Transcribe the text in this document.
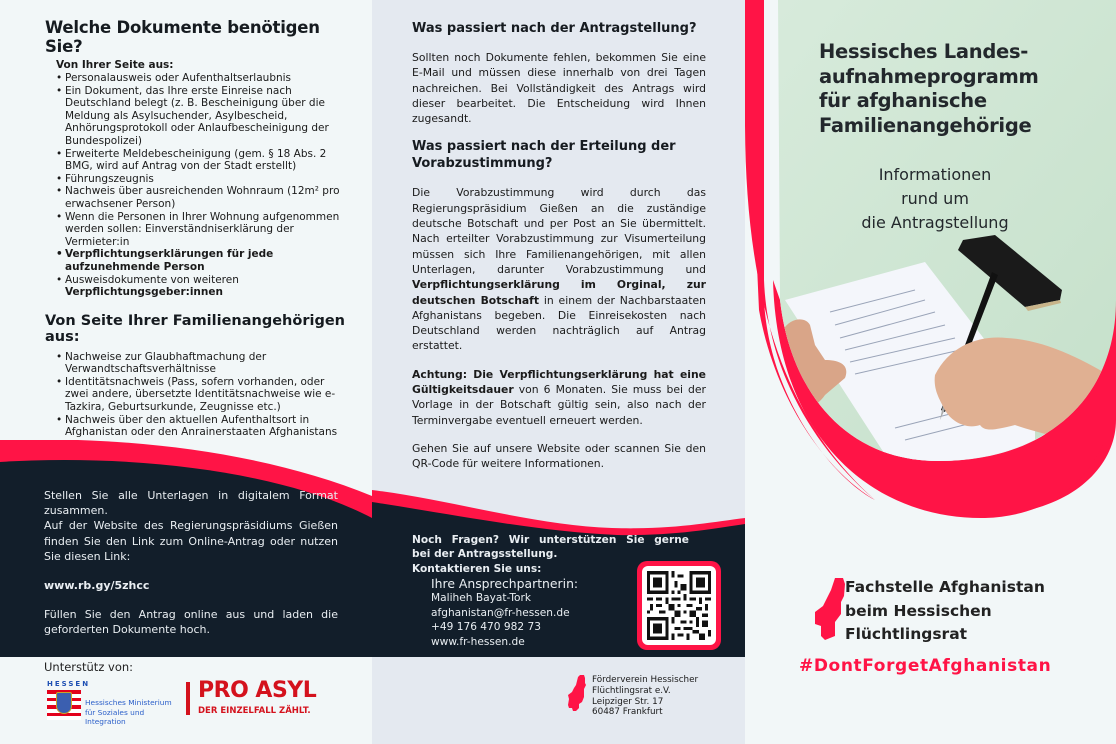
Welche Dokumente benötigen Sie?
Von Ihrer Seite aus:
• Personalausweis oder Aufenthaltserlaubnis
• Ein Dokument, das Ihre erste Einreise nach Deutschland belegt (z. B. Bescheinigung über die Meldung als Asylsuchender, Asylbescheid, Anhörungsprotokoll oder Anlaufbescheinigung der Bundespolizei)
• Erweiterte Meldebescheinigung (gem. § 18 Abs. 2 BMG, wird auf Antrag von der Stadt erstellt)
• Führungszeugnis
• Nachweis über ausreichenden Wohnraum (12m² pro erwachsener Person)
• Wenn die Personen in Ihrer Wohnung aufgenommen werden sollen: Einverständniserklärung der Vermieter:in
• Verpflichtungserklärungen für jede aufzunehmende Person
• Ausweisdokumente von weiteren
Verpflichtungsgeber:innen
Von Seite Ihrer Familienangehörigen aus:
• Nachweise zur Glaubhaftmachung der Verwandtschaftsverhältnisse
• Identitätsnachweis (Pass, sofern vorhanden, oder zwei andere, übersetzte Identitätsnachweise wie e-Tazkira, Geburtsurkunde, Zeugnisse etc.)
• Nachweis über den aktuellen Aufenthaltsort in Afghanistan oder den Anrainerstaaten Afghanistans

Stellen Sie alle Unterlagen in digitalem Format zusammen.

Auf der Website des Regierungspräsidiums Gießen finden Sie den Link zum Online-Antrag oder nutzen Sie diesen Link:

www.rb.gy/5zhcc

Füllen Sie den Antrag online aus und laden die geforderten Dokumente hoch.

Unterstütz von:
HESSEN
Hessisches Ministerium
für Soziales und Integration
PRO ASYL
DER EINZELFALL ZÄHLT.
Was passiert nach der Antragstellung?

Sollten noch Dokumente fehlen, bekommen Sie eine E-Mail und müssen diese innerhalb von drei Tagen nachreichen. Bei Vollständigkeit des Antrags wird dieser bearbeitet. Die Entscheidung wird Ihnen zugesandt.

Was passiert nach der Erteilung der Vorabzustimmung?

Die Vorabzustimmung wird durch das Regierungspräsidium Gießen an die zuständige deutsche Botschaft und per Post an Sie übermittelt. Nach erteilter Vorabzustimmung zur Visumerteilung müssen sich Ihre Familienangehörigen, mit allen Unterlagen, darunter Vorabzustimmung und Verpflichtungserklärung im Orginal, zur deutschen Botschaft in einem der Nachbarstaaten Afghanistans begeben. Die Einreisekosten nach Deutschland werden nachträglich auf Antrag erstattet.

Achtung: Die Verpflichtungserklärung hat eine Gültigkeitsdauer von 6 Monaten. Sie muss bei der Vorlage in der Botschaft gültig sein, also nach der Terminvergabe eventuell erneuert werden.

Gehen Sie auf unsere Website oder scannen Sie den QR-Code für weitere Informationen.

Noch Fragen? Wir unterstützen Sie gerne
bei der Antragsstellung.
Kontaktieren Sie uns:
Ihre Ansprechpartnerin:
Maliheh Bayat-Tork
afghanistan@fr-hessen.de
+49 176 470 982 73
www.fr-hessen.de
Förderverein Hessischer
Flüchtlingsrat e.V.
Leipziger Str. 17
60487 Frankfurt
Hessisches Landes-
aufnahmeprogramm
für afghanische
Familienangehörige
Informationen
rund um
die Antragstellung
Fachstelle Afghanistan
beim Hessischen
Flüchtlingsrat
#DontForgetAfghanistan
